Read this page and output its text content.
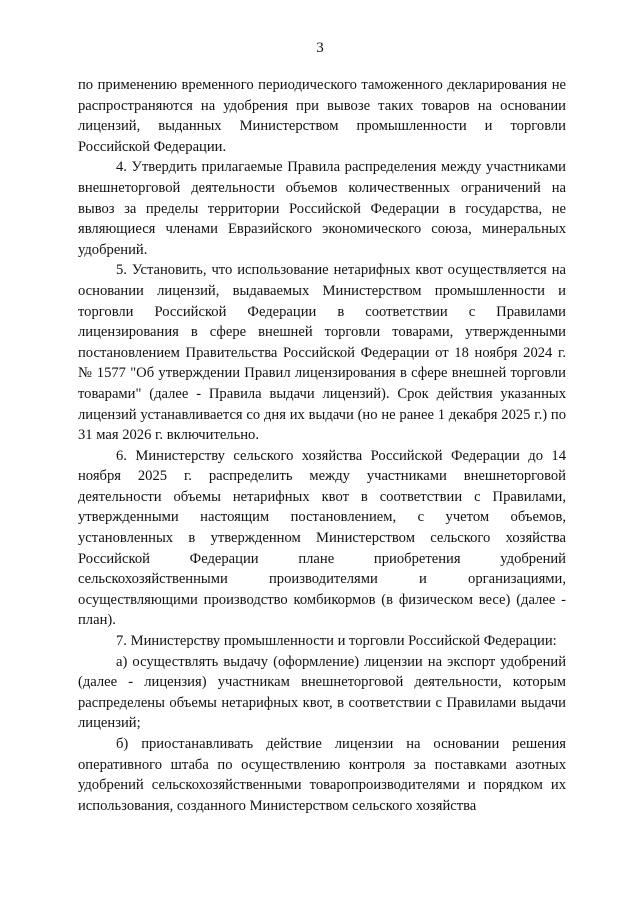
3

по применению временного периодического таможенного декларирования не распространяются на удобрения при вывозе таких товаров на основании лицензий, выданных Министерством промышленности и торговли Российской Федерации.

4. Утвердить прилагаемые Правила распределения между участниками внешнеторговой деятельности объемов количественных ограничений на вывоз за пределы территории Российской Федерации в государства, не являющиеся членами Евразийского экономического союза, минеральных удобрений.

5. Установить, что использование нетарифных квот осуществляется на основании лицензий, выдаваемых Министерством промышленности и торговли Российской Федерации в соответствии с Правилами лицензирования в сфере внешней торговли товарами, утвержденными постановлением Правительства Российской Федерации от 18 ноября 2024 г. № 1577 "Об утверждении Правил лицензирования в сфере внешней торговли товарами" (далее - Правила выдачи лицензий). Срок действия указанных лицензий устанавливается со дня их выдачи (но не ранее 1 декабря 2025 г.) по 31 мая 2026 г. включительно.

6. Министерству сельского хозяйства Российской Федерации до 14 ноября 2025 г. распределить между участниками внешнеторговой деятельности объемы нетарифных квот в соответствии с Правилами, утвержденными настоящим постановлением, с учетом объемов, установленных в утвержденном Министерством сельского хозяйства Российской Федерации плане приобретения удобрений сельскохозяйственными производителями и организациями, осуществляющими производство комбикормов (в физическом весе) (далее - план).

7. Министерству промышленности и торговли Российской Федерации:

а) осуществлять выдачу (оформление) лицензии на экспорт удобрений (далее - лицензия) участникам внешнеторговой деятельности, которым распределены объемы нетарифных квот, в соответствии с Правилами выдачи лицензий;

б) приостанавливать действие лицензии на основании решения оперативного штаба по осуществлению контроля за поставками азотных удобрений сельскохозяйственными товаропроизводителями и порядком их использования, созданного Министерством сельского хозяйства
